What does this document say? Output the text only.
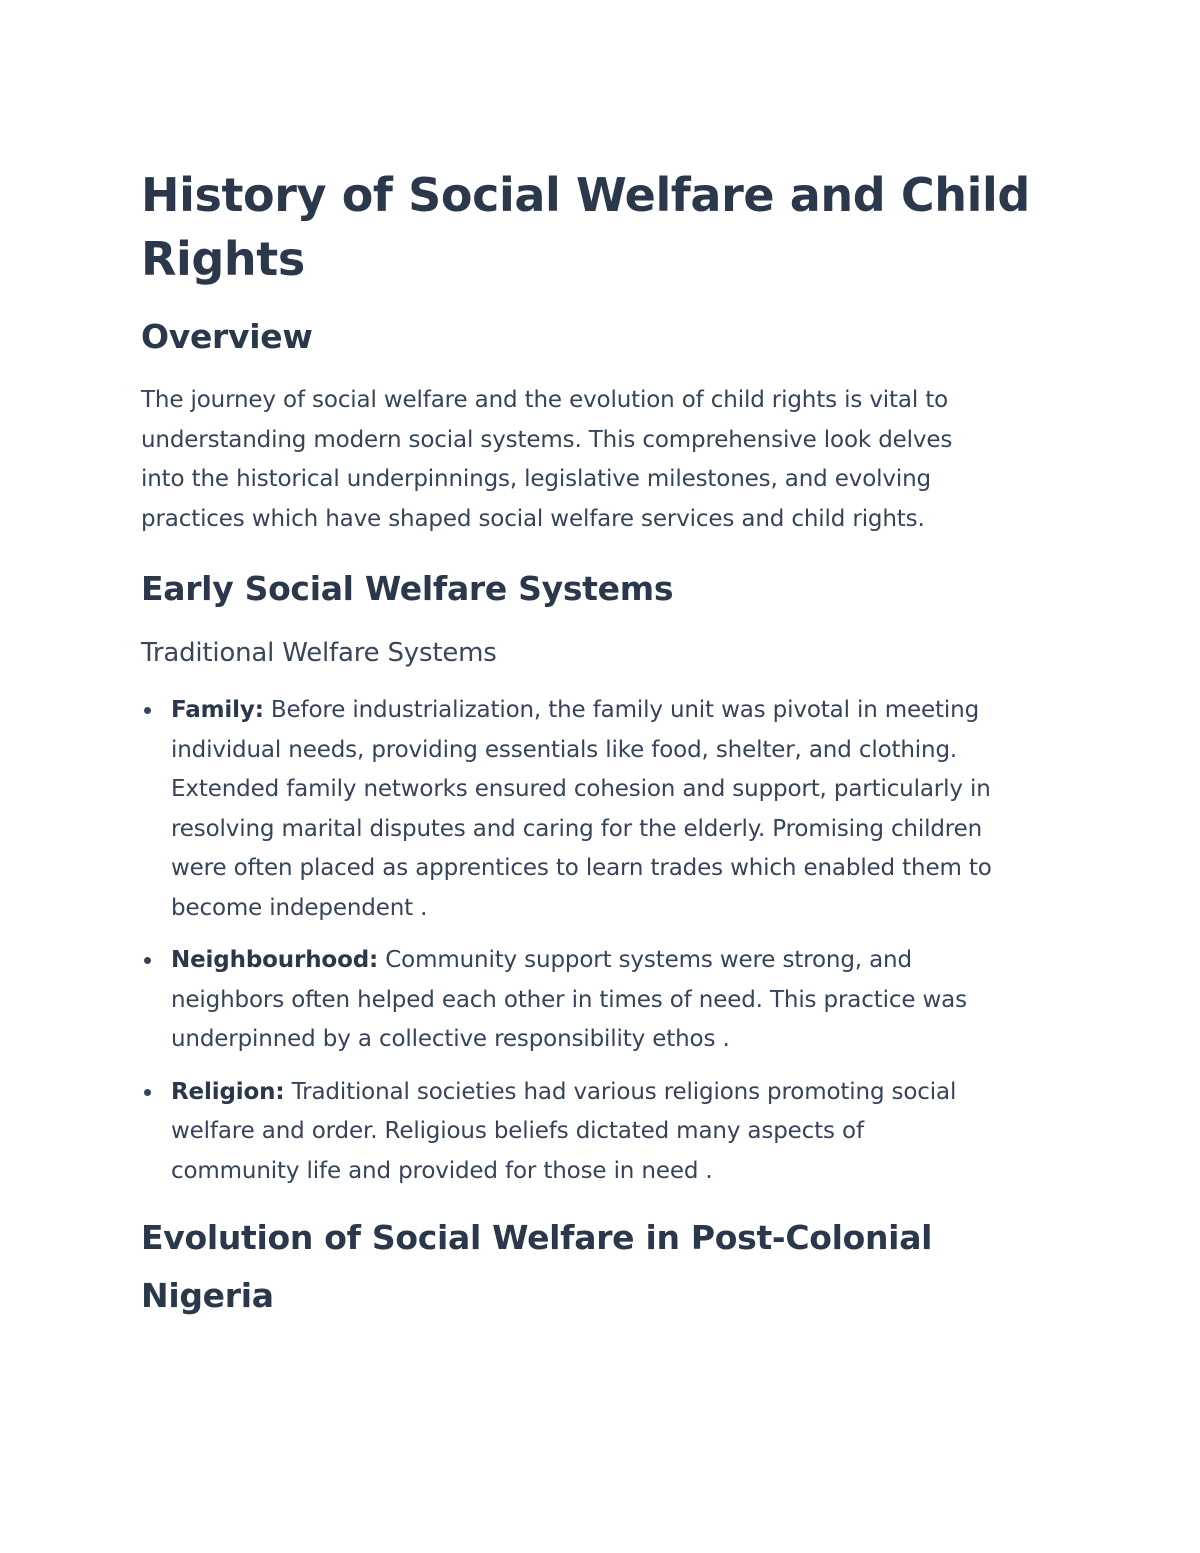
History of Social Welfare and Child
Rights
Overview

The journey of social welfare and the evolution of child rights is vital to
understanding modern social systems. This comprehensive look delves
into the historical underpinnings, legislative milestones, and evolving
practices which have shaped social welfare services and child rights.

Early Social Welfare Systems
Traditional Welfare Systems
Family: Before industrialization, the family unit was pivotal in meeting
individual needs, providing essentials like food, shelter, and clothing.
Extended family networks ensured cohesion and support, particularly in
resolving marital disputes and caring for the elderly. Promising children
were often placed as apprentices to learn trades which enabled them to
become independent .
Neighbourhood: Community support systems were strong, and
neighbors often helped each other in times of need. This practice was
underpinned by a collective responsibility ethos .
Religion: Traditional societies had various religions promoting social
welfare and order. Religious beliefs dictated many aspects of
community life and provided for those in need .
Evolution of Social Welfare in Post-Colonial
Nigeria
